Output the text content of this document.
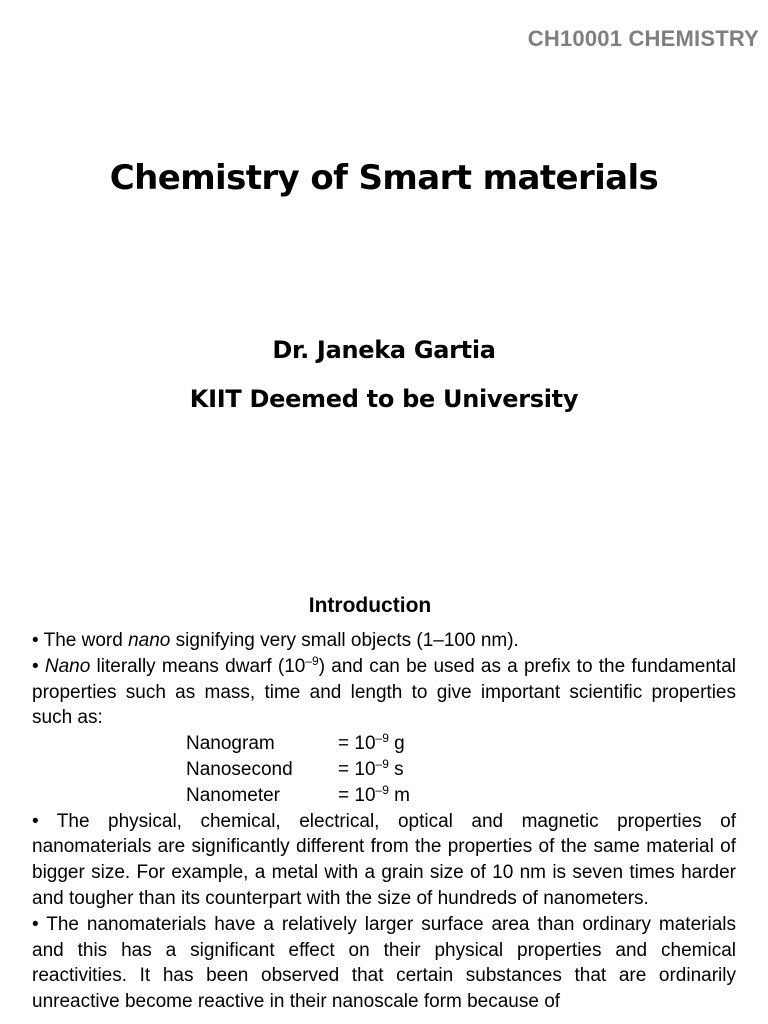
CH10001 CHEMISTRY
Chemistry of Smart materials
Dr. Janeka Gartia
KIIT Deemed to be University
Introduction

• The word nano signifying very small objects (1–100 nm).

• Nano literally means dwarf $(10^{-9})$ and can be used as a prefix to the fundamental properties such as mass, time and length to give important scientific properties such as:

Nanogram	= $10^{-9}$ g
Nanosecond	= $10^{-9}$ s
Nanometer	= $10^{-9}$ m

• The physical, chemical, electrical, optical and magnetic properties of nanomaterials are significantly different from the properties of the same material of bigger size. For example, a metal with a grain size of 10 nm is seven times harder and tougher than its counterpart with the size of hundreds of nanometers.

• The nanomaterials have a relatively larger surface area than ordinary materials and this has a significant effect on their physical properties and chemical reactivities. It has been observed that certain substances that are ordinarily unreactive become reactive in their nanoscale form because of
